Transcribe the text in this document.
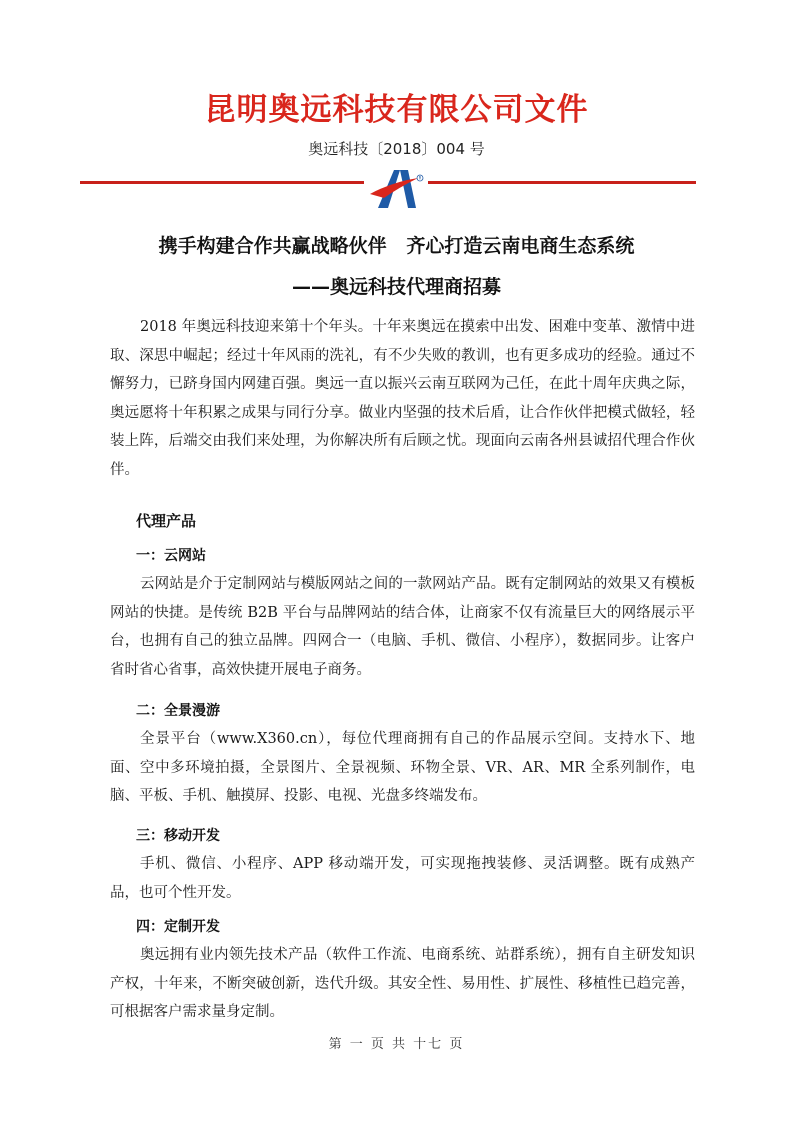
昆明奥远科技有限公司文件
奥远科技〔2018〕004 号
R
携手构建合作共赢战略伙伴   齐心打造云南电商生态系统
——奥远科技代理商招募
2018 年奥远科技迎来第十个年头。十年来奥远在摸索中出发、困难中变革、激情中进取、深思中崛起；经过十年风雨的洗礼，有不少失败的教训，也有更多成功的经验。通过不懈努力，已跻身国内网建百强。奥远一直以振兴云南互联网为己任，在此十周年庆典之际，奥远愿将十年积累之成果与同行分享。做业内坚强的技术后盾，让合作伙伴把模式做轻，轻装上阵，后端交由我们来处理，为你解决所有后顾之忧。现面向云南各州县诚招代理合作伙伴。
代理产品
一：云网站
云网站是介于定制网站与模版网站之间的一款网站产品。既有定制网站的效果又有模板网站的快捷。是传统 B2B 平台与品牌网站的结合体，让商家不仅有流量巨大的网络展示平台，也拥有自己的独立品牌。四网合一（电脑、手机、微信、小程序），数据同步。让客户省时省心省事，高效快捷开展电子商务。
二：全景漫游
全景平台（www.X360.cn），每位代理商拥有自己的作品展示空间。支持水下、地面、空中多环境拍摄，全景图片、全景视频、环物全景、VR、AR、MR 全系列制作，电脑、平板、手机、触摸屏、投影、电视、光盘多终端发布。
三：移动开发
手机、微信、小程序、APP 移动端开发，可实现拖拽装修、灵活调整。既有成熟产品，也可个性开发。
四：定制开发
奥远拥有业内领先技术产品（软件工作流、电商系统、站群系统），拥有自主研发知识产权，十年来，不断突破创新，迭代升级。其安全性、易用性、扩展性、移植性已趋完善，可根据客户需求量身定制。
第 一 页 共 十七 页
